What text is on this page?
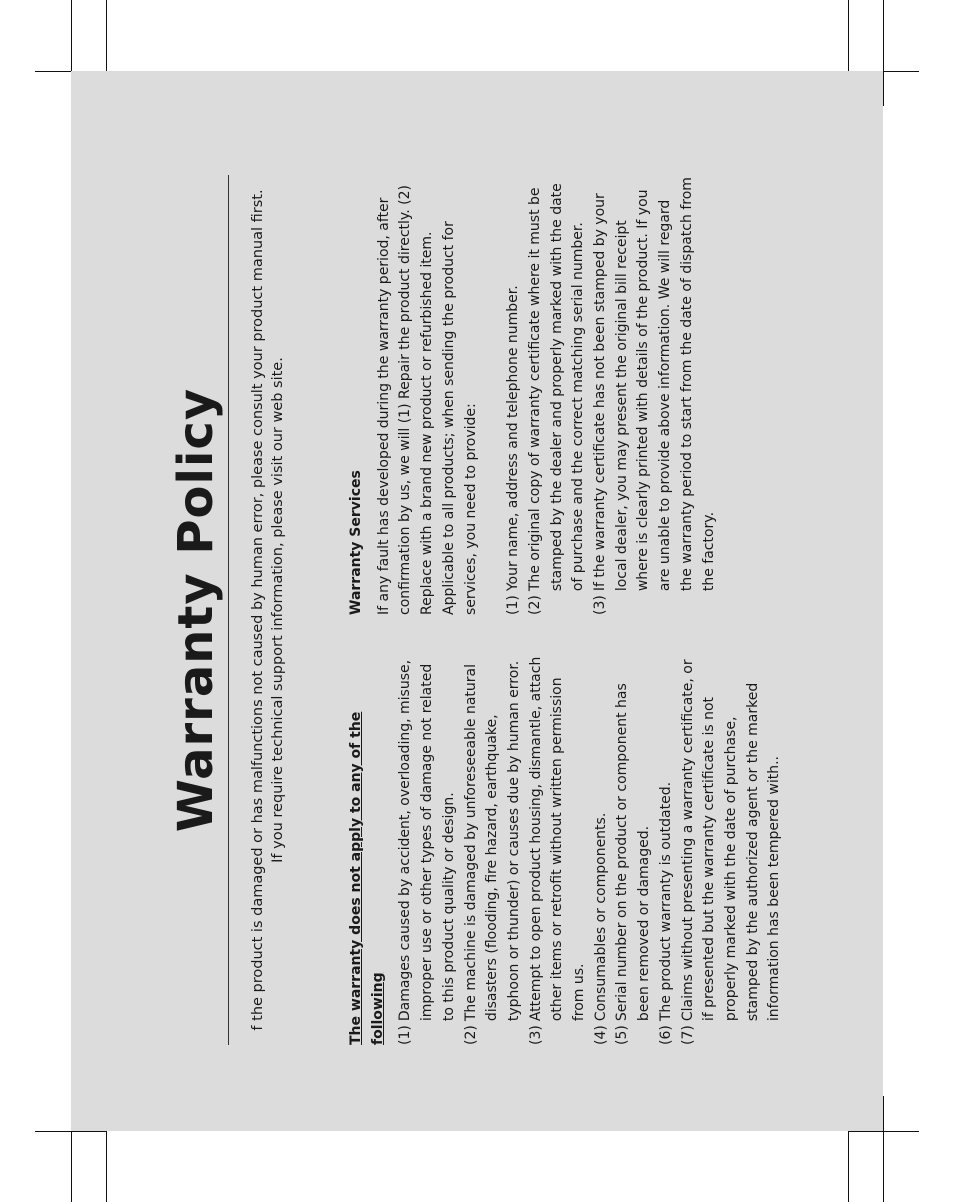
Warranty Policy f the product is damaged or has malfunctions not caused by human error, please consult your product manual first. If you require technical support information, please visit our web site.
The warranty does not apply to any of the following (1)
Damages caused by accident, overloading, misuse, improper use or other types of damage not related to this product quality or design.
(2)
The machine is damaged by unforeseeable natural disasters (flooding, fire hazard, earthquake, typhoon or thunder) or causes due by human error.
(3)
Attempt to open product housing, dismantle, attach other items or retrofit without written permission from us.
(4)
Consumables or components.
(5)
Serial number on the product or component has been removed or damaged.
(6)
The product warranty is outdated.
(7)
Claims without presenting a warranty certificate, or if presented but the warranty certificate is not properly marked with the date of purchase, stamped by the authorized agent or the marked information has been tempered with..
Warranty Services If any fault has developed during the warranty period, after confirmation by us, we will (1) Repair the product directly. (2) Replace with a brand new product or refurbished item. Applicable to all products; when sending the product for services, you need to provide: (1)
Your name, address and telephone number.
(2)
The original copy of warranty certificate where it must be stamped by the dealer and properly marked with the date of purchase and the correct matching serial number.
(3)
If the warranty certificate has not been stamped by your local dealer, you may present the original bill receipt where is clearly printed with details of the product. If you are unable to provide above information. We will regard the warranty period to start from the date of dispatch from the factory.
